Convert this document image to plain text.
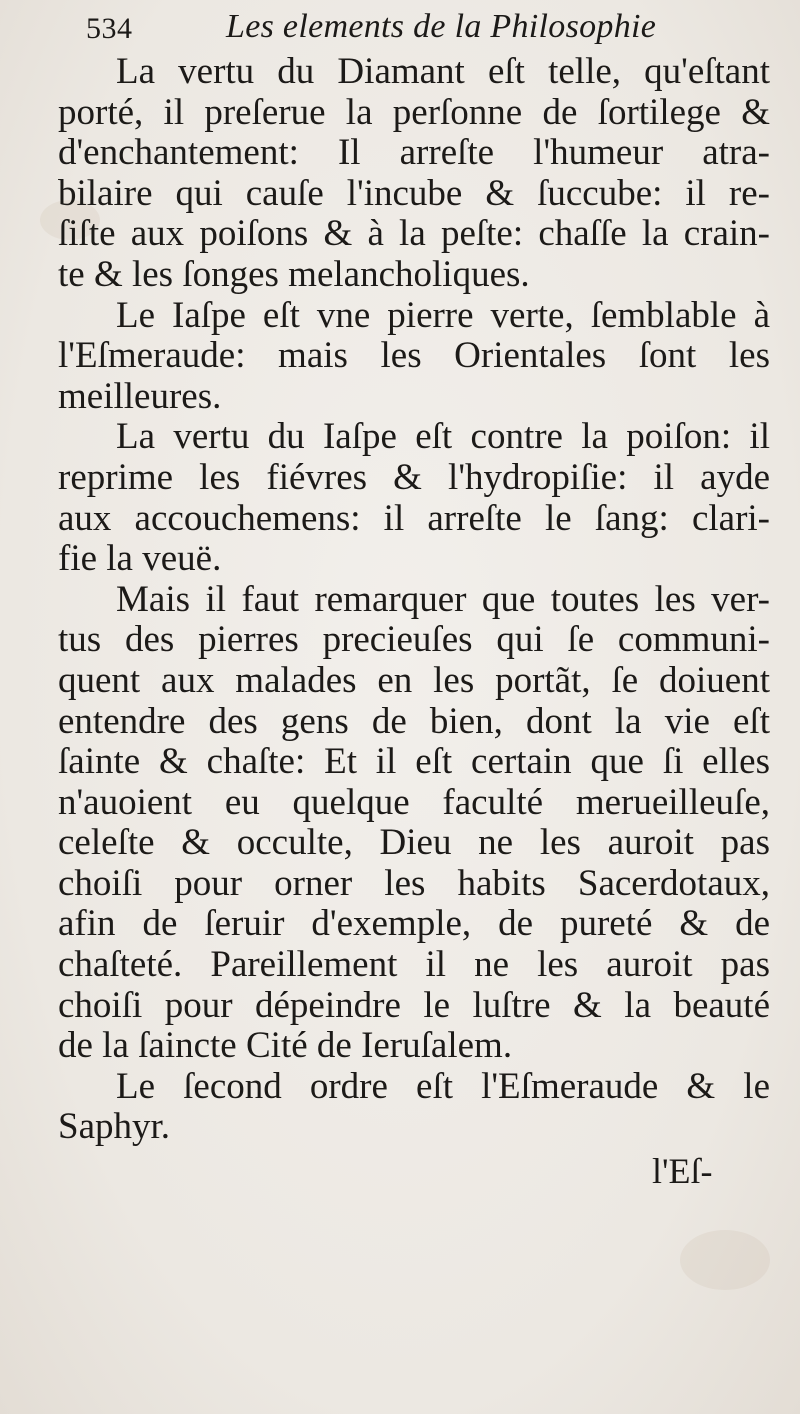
534	Les elements de la Philosophie
La vertu du Diamant eſt telle, qu'eſtant
porté, il preſerue la perſonne de ſortilege &
d'enchantement: Il arreſte l'humeur atra-
bilaire qui cauſe l'incube & ſuccube: il re-
ſiſte aux poiſons & à la peſte: chaſſe la crain-
te & les ſonges melancholiques.
Le Iaſpe eſt vne pierre verte, ſemblable à
l'Eſmeraude: mais les Orientales ſont les
meilleures.
La vertu du Iaſpe eſt contre la poiſon: il
reprime les fiévres & l'hydropiſie: il ayde
aux accouchemens: il arreſte le ſang: clari-
fie la veuë.
Mais il faut remarquer que toutes les ver-
tus des pierres precieuſes qui ſe communi-
quent aux malades en les portãt, ſe doiuent
entendre des gens de bien, dont la vie eſt
ſainte & chaſte: Et il eſt certain que ſi elles
n'auoient eu quelque faculté merueilleuſe,
celeſte & occulte, Dieu ne les auroit pas
choiſi pour orner les habits Sacerdotaux,
afin de ſeruir d'exemple, de pureté & de
chaſteté. Pareillement il ne les auroit pas
choiſi pour dépeindre le luſtre & la beauté
de la ſaincte Cité de Ieruſalem.
Le ſecond ordre eſt l'Eſmeraude & le
Saphyr.
l'Eſ-
